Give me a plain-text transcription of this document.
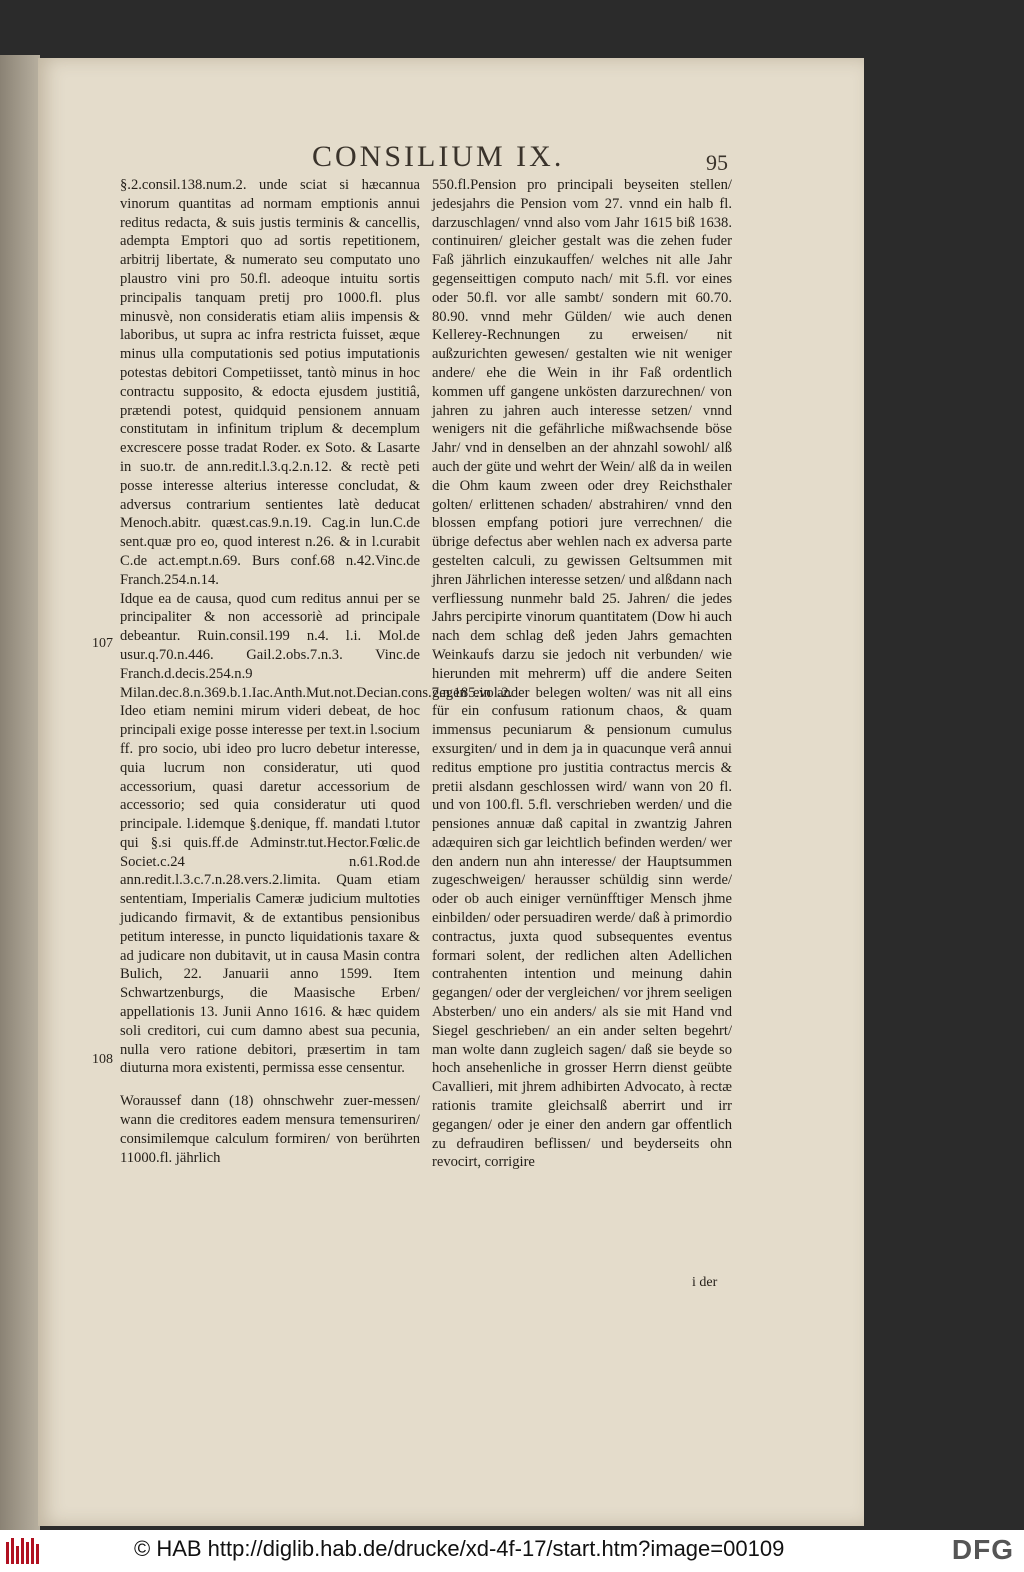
CONSILIUM IX.	95

§.2.consil.138.num.2. unde sciat si hæcannua vinorum quantitas ad normam emptionis annui reditus redacta, & suis justis terminis & cancellis, adempta Emptori quo ad sortis repetitionem, arbitrij libertate, & numerato seu computato uno plaustro vini pro 50.fl. adeoque intuitu sortis principalis tanquam pretij pro 1000.fl. plus minusvè, non consideratis etiam aliis impensis & laboribus, ut supra ac infra restricta fuisset, æque minus ulla computationis sed potius imputationis potestas debitori Competiisset, tantò minus in hoc contractu supposito, & edocta ejusdem justitiâ, prætendi potest, quidquid pensionem annuam constitutam in infinitum triplum & decemplum excrescere posse tradat Roder. ex Soto. & Lasarte in suo.tr. de ann.redit.l.3.q.2.n.12. & rectè peti posse interesse alterius interesse concludat, & adversus contrarium sentientes latè deducat Menoch.abitr. quæst.cas.9.n.19. Cag.in lun.C.de sent.quæ pro eo, quod interest n.26. & in l.curabit C.de act.empt.n.69. Burs conf.68 n.42.Vinc.de Franch.254.n.14.

Idque ea de causa, quod cum reditus annui per se principaliter & non accessoriè ad principale debeantur. Ruin.consil.199 n.4. l.i. Mol.de usur.q.70.n.446. Gail.2.obs.7.n.3. Vinc.de Franch.d.decis.254.n.9 Milan.dec.8.n.369.b.1.Iac.Anth.Mut.not.Decian.cons.7.n.185.vol.2. Ideo etiam nemini mirum videri debeat, de hoc principali exige posse interesse per text.in l.socium ff. pro socio, ubi ideo pro lucro debetur interesse, quia lucrum non consideratur, uti quod accessorium, quasi daretur accessorium de accessorio; sed quia consideratur uti quod principale. l.idemque §.denique, ff. mandati l.tutor qui §.si quis.ff.de Adminstr.tut.Hector.Fœlic.de Societ.c.24 n.61.Rod.de ann.redit.l.3.c.7.n.28.vers.2.limita. Quam etiam sententiam, Imperialis Cameræ judicium multoties judicando firmavit, & de extantibus pensionibus petitum interesse, in puncto liquidationis taxare & ad judicare non dubitavit, ut in causa Masin contra Bulich, 22. Januarii anno 1599. Item Schwartzenburgs, die Maasische Erben/ appellationis 13. Junii Anno 1616. & hæc quidem soli creditori, cui cum damno abest sua pecunia, nulla vero ratione debitori, præsertim in tam diuturna mora existenti, permissa esse censentur.

Woraussef dann (18) ohnschwehr zuer-messen/ wann die creditores eadem mensura temensuriren/ consimilemque calculum formiren/ von berührten 11000.fl. jährlich

550.fl.Pension pro principali beyseiten stellen/ jedesjahrs die Pension vom 27. vnnd ein halb fl. darzuschlagen/ vnnd also vom Jahr 1615 biß 1638. continuiren/ gleicher gestalt was die zehen fuder Faß jährlich einzukauffen/ welches nit alle Jahr gegenseittigen computo nach/ mit 5.fl. vor eines oder 50.fl. vor alle sambt/ sondern mit 60.70. 80.90. vnnd mehr Gülden/ wie auch denen Kellerey-Rechnungen zu erweisen/ nit außzurichten gewesen/ gestalten wie nit weniger andere/ ehe die Wein in ihr Faß ordentlich kommen uff gangene unkösten darzurechnen/ von jahren zu jahren auch interesse setzen/ vnnd wenigers nit die gefährliche mißwachsende böse Jahr/ vnd in denselben an der ahnzahl sowohl/ alß auch der güte und wehrt der Wein/ alß da in weilen die Ohm kaum zween oder drey Reichsthaler golten/ erlittenen schaden/ abstrahiren/ vnnd den blossen empfang potiori jure verrechnen/ die übrige defectus aber wehlen nach ex adversa parte gestelten calculi, zu gewissen Geltsummen mit jhren Jährlichen interesse setzen/ und alßdann nach verfliessung nunmehr bald 25. Jahren/ die jedes Jahrs percipirte vinorum quantitatem (Dow hi auch nach dem schlag deß jeden Jahrs gemachten Weinkaufs darzu sie jedoch nit verbunden/ wie hierunden mit mehrerm) uff die andere Seiten gegen ein ander belegen wolten/ was nit all eins für ein confusum rationum chaos, & quam immensus pecuniarum & pensionum cumulus exsurgiten/ und in dem ja in quacunque verâ annui reditus emptione pro justitia contractus mercis & pretii alsdann geschlossen wird/ wann von 20 fl. und von 100.fl. 5.fl. verschrieben werden/ und die pensiones annuæ daß capital in zwantzig Jahren adæquiren sich gar leichtlich befinden werden/ wer den andern nun ahn interesse/ der Hauptsummen zugeschweigen/ herausser schüldig sinn werde/ oder ob auch einiger vernünfftiger Mensch jhme einbilden/ oder persuadiren werde/ daß à primordio contractus, juxta quod subsequentes eventus formari solent, der redlichen alten Adellichen contrahenten intention und meinung dahin gegangen/ oder der vergleichen/ vor jhrem seeligen Absterben/ uno ein anders/ als sie mit Hand vnd Siegel geschrieben/ an ein ander selten begehrt/ man wolte dann zugleich sagen/ daß sie beyde so hoch ansehenliche in grosser Herrn dienst geübte Cavallieri, mit jhrem adhibirten Advocato, à rectæ rationis tramite gleichsalß aberrirt und irr gegangen/ oder je einer den andern gar offentlich zu defraudiren beflissen/ und beyderseits ohn revocirt, corrigire

107
108
i der
© HAB http://diglib.hab.de/drucke/xd-4f-17/start.htm?image=00109	DFG
